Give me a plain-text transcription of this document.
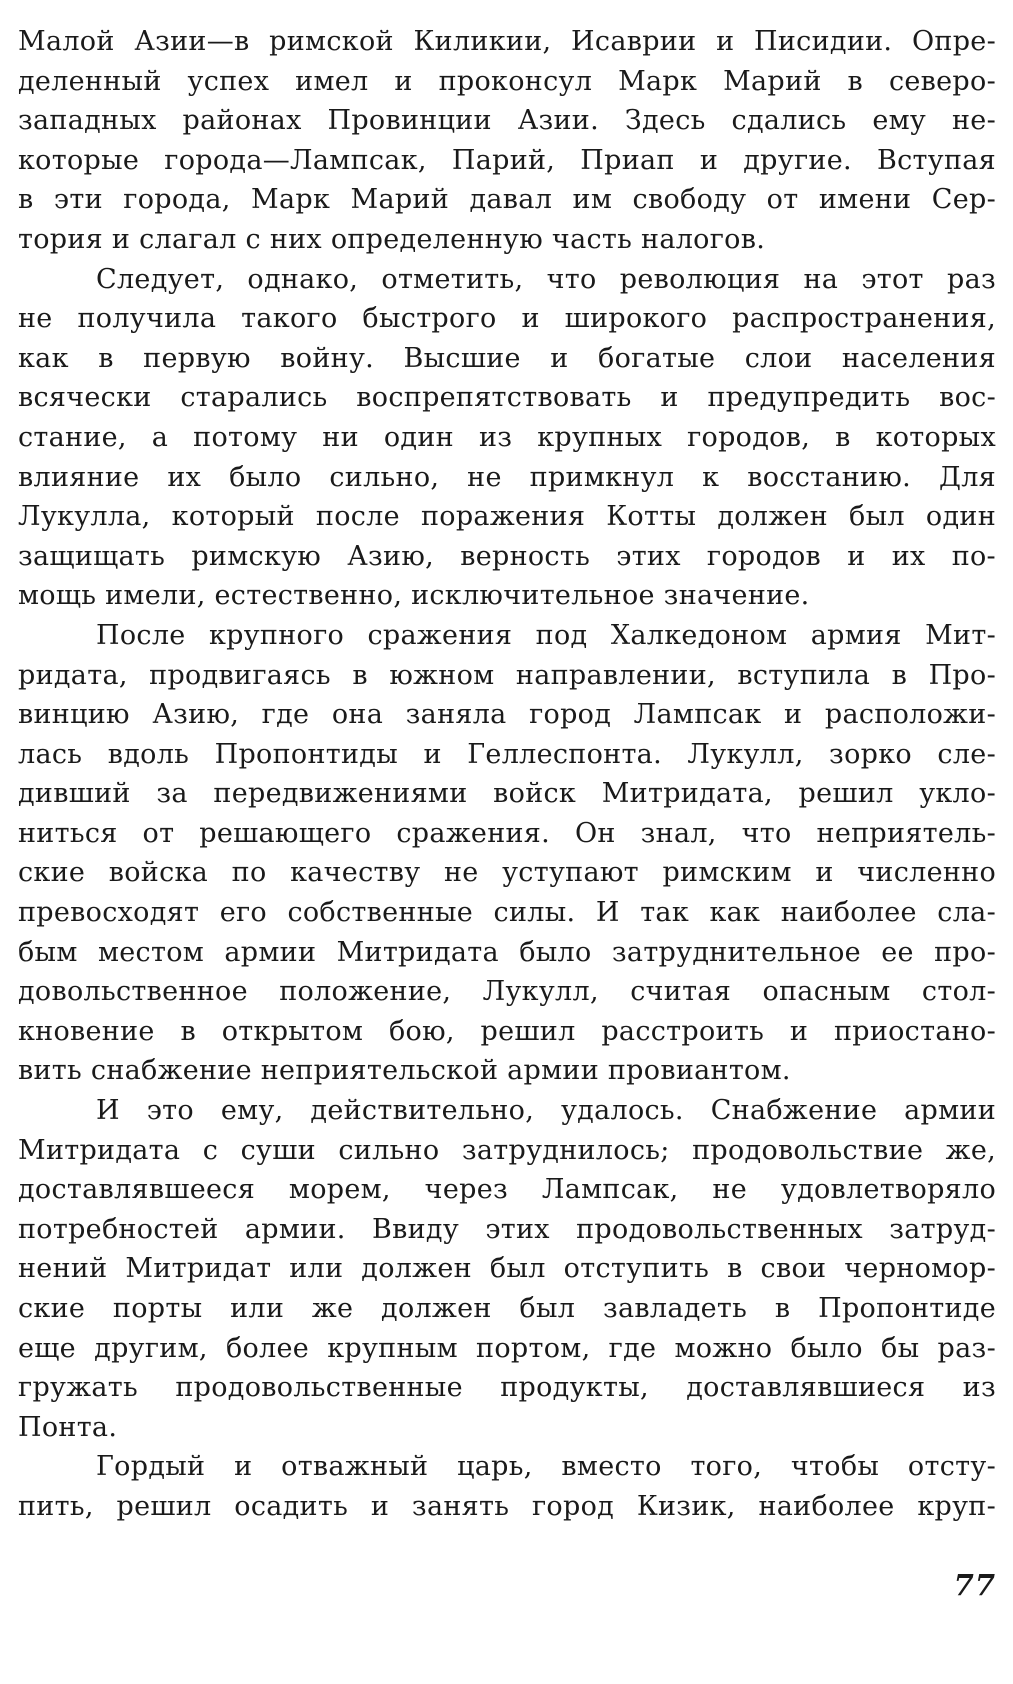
Малой Азии—в римской Киликии, Исаврии и Писидии. Опре-
деленный успех имел и проконсул Марк Марий в северо-
западных районах Провинции Азии. Здесь сдались ему не-
которые города—Лампсак, Парий, Приап и другие. Вступая
в эти города, Марк Марий давал им свободу от имени Сер-
тория и слагал с них определенную часть налогов.
Следует, однако, отметить, что революция на этот раз
не получила такого быстрого и широкого распространения,
как в первую войну. Высшие и богатые слои населения
всячески старались воспрепятствовать и предупредить вос-
стание, а потому ни один из крупных городов, в которых
влияние их было сильно, не примкнул к восстанию. Для
Лукулла, который после поражения Котты должен был один
защищать римскую Азию, верность этих городов и их по-
мощь имели, естественно, исключительное значение.
После крупного сражения под Халкедоном армия Мит-
ридата, продвигаясь в южном направлении, вступила в Про-
винцию Азию, где она заняла город Лампсак и расположи-
лась вдоль Пропонтиды и Геллеспонта. Лукулл, зорко сле-
дивший за передвижениями войск Митридата, решил укло-
ниться от решающего сражения. Он знал, что неприятель-
ские войска по качеству не уступают римским и численно
превосходят его собственные силы. И так как наиболее сла-
бым местом армии Митридата было затруднительное ее про-
довольственное положение, Лукулл, считая опасным стол-
кновение в открытом бою, решил расстроить и приостано-
вить снабжение неприятельской армии провиантом.
И это ему, действительно, удалось. Снабжение армии
Митридата с суши сильно затруднилось; продовольствие же,
доставлявшееся морем, через Лампсак, не удовлетворяло
потребностей армии. Ввиду этих продовольственных затруд-
нений Митридат или должен был отступить в свои черномор-
ские порты или же должен был завладеть в Пропонтиде
еще другим, более крупным портом, где можно было бы раз-
гружать продовольственные продукты, доставлявшиеся из
Понта.
Гордый и отважный царь, вместо того, чтобы отсту-
пить, решил осадить и занять город Кизик, наиболее круп-
77
